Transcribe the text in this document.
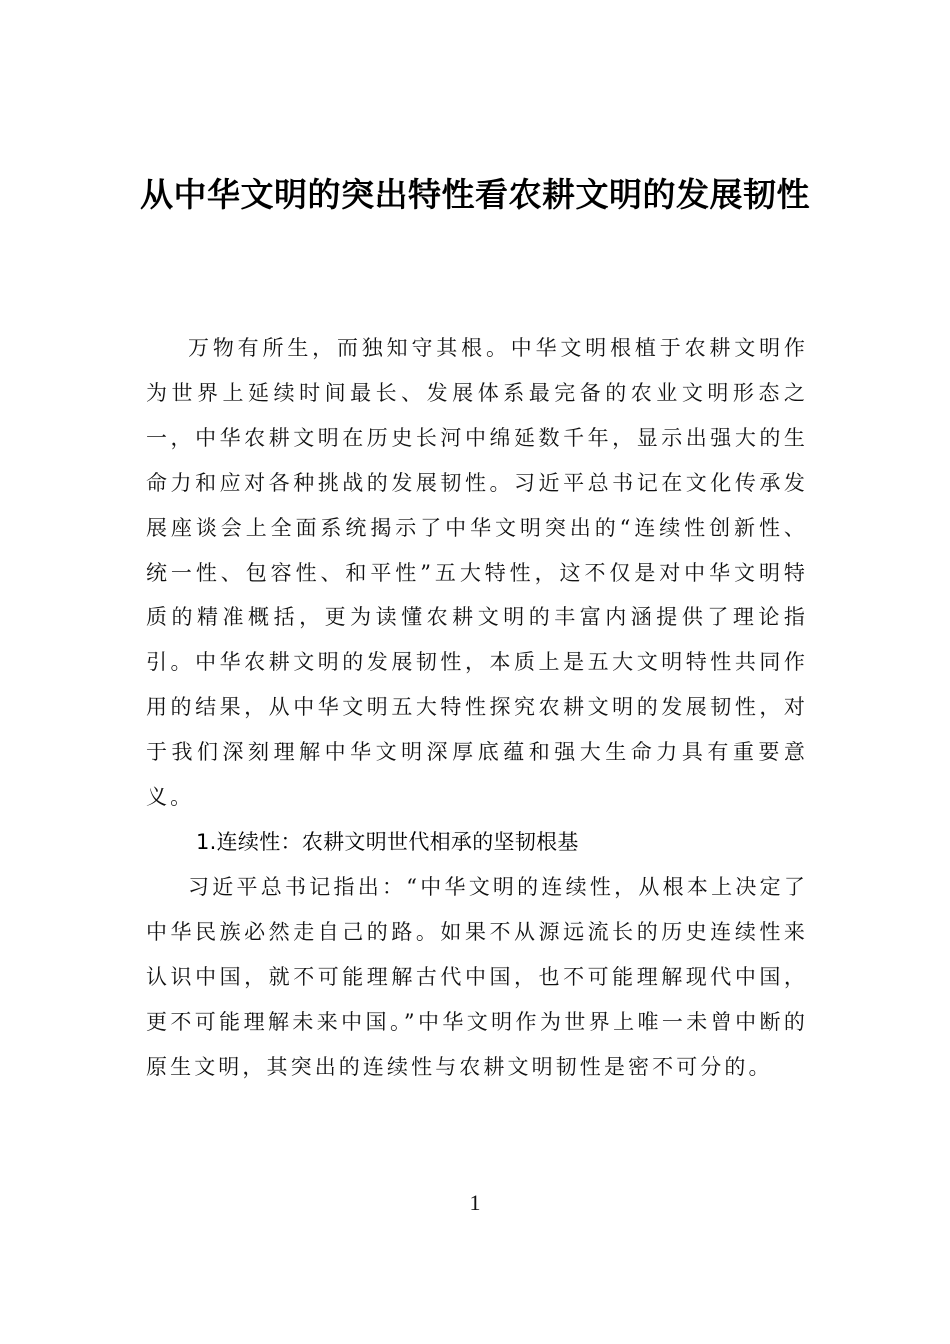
从中华文明的突出特性看农耕文明的发展韧性

万物有所生，而独知守其根。中华文明根植于农耕文明作为世界上延续时间最长、发展体系最完备的农业文明形态之一，中华农耕文明在历史长河中绵延数千年，显示出强大的生命力和应对各种挑战的发展韧性。习近平总书记在文化传承发展座谈会上全面系统揭示了中华文明突出的“连续性创新性、统一性、包容性、和平性”五大特性，这不仅是对中华文明特质的精准概括，更为读懂农耕文明的丰富内涵提供了理论指引。中华农耕文明的发展韧性，本质上是五大文明特性共同作用的结果，从中华文明五大特性探究农耕文明的发展韧性，对于我们深刻理解中华文明深厚底蕴和强大生命力具有重要意义。

1.连续性：农耕文明世代相承的坚韧根基

习近平总书记指出：“中华文明的连续性，从根本上决定了中华民族必然走自己的路。如果不从源远流长的历史连续性来认识中国，就不可能理解古代中国，也不可能理解现代中国，更不可能理解未来中国。”中华文明作为世界上唯一未曾中断的原生文明，其突出的连续性与农耕文明韧性是密不可分的。

1
